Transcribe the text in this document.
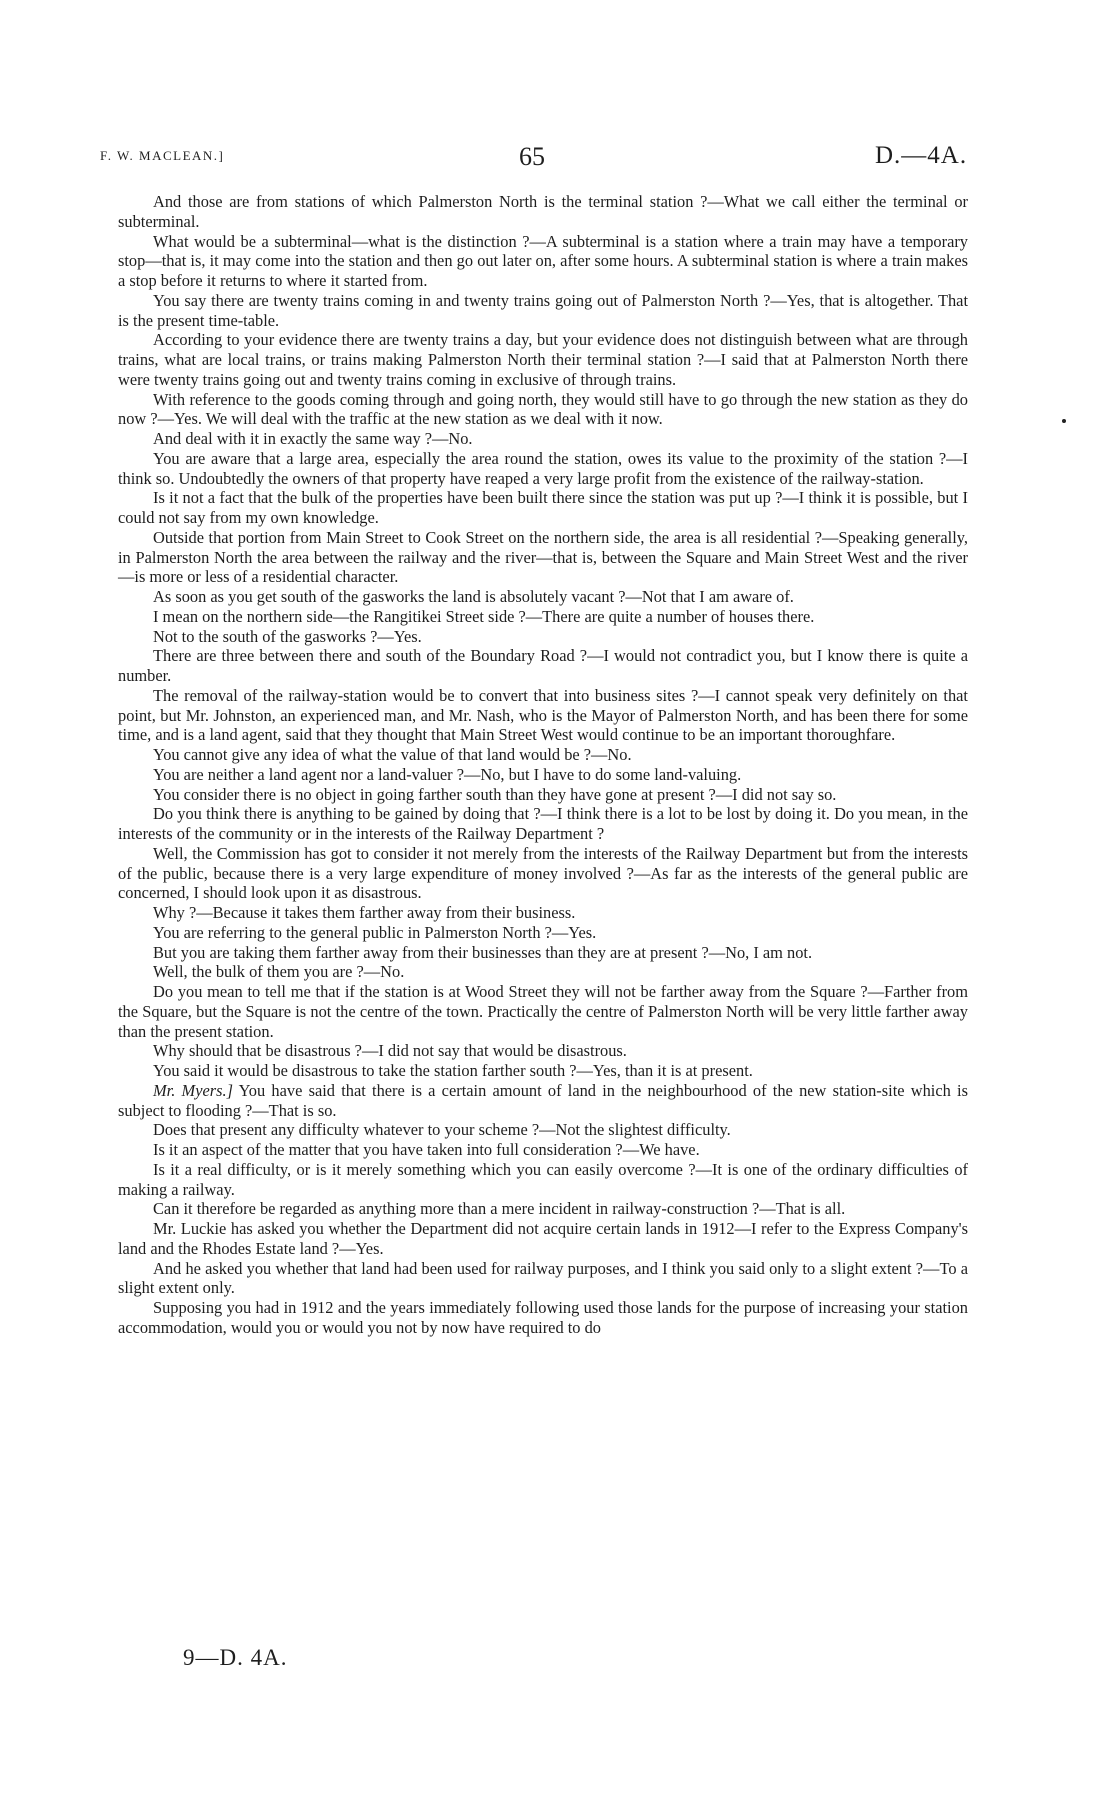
F. W. MACLEAN.]	65	D.—4A.

And those are from stations of which Palmerston North is the terminal station ?—What we call either the terminal or subterminal.

What would be a subterminal—what is the distinction ?—A subterminal is a station where a train may have a temporary stop—that is, it may come into the station and then go out later on, after some hours. A subterminal station is where a train makes a stop before it returns to where it started from.

You say there are twenty trains coming in and twenty trains going out of Palmerston North ?—Yes, that is altogether. That is the present time-table.

According to your evidence there are twenty trains a day, but your evidence does not distinguish between what are through trains, what are local trains, or trains making Palmerston North their terminal station ?—I said that at Palmerston North there were twenty trains going out and twenty trains coming in exclusive of through trains.

With reference to the goods coming through and going north, they would still have to go through the new station as they do now ?—Yes. We will deal with the traffic at the new station as we deal with it now.

And deal with it in exactly the same way ?—No.

You are aware that a large area, especially the area round the station, owes its value to the proximity of the station ?—I think so. Undoubtedly the owners of that property have reaped a very large profit from the existence of the railway-station.

Is it not a fact that the bulk of the properties have been built there since the station was put up ?—I think it is possible, but I could not say from my own knowledge.

Outside that portion from Main Street to Cook Street on the northern side, the area is all residential ?—Speaking generally, in Palmerston North the area between the railway and the river—that is, between the Square and Main Street West and the river—is more or less of a residential character.

As soon as you get south of the gasworks the land is absolutely vacant ?—Not that I am aware of.

I mean on the northern side—the Rangitikei Street side ?—There are quite a number of houses there.

Not to the south of the gasworks ?—Yes.

There are three between there and south of the Boundary Road ?—I would not contradict you, but I know there is quite a number.

The removal of the railway-station would be to convert that into business sites ?—I cannot speak very definitely on that point, but Mr. Johnston, an experienced man, and Mr. Nash, who is the Mayor of Palmerston North, and has been there for some time, and is a land agent, said that they thought that Main Street West would continue to be an important thoroughfare.

You cannot give any idea of what the value of that land would be ?—No.

You are neither a land agent nor a land-valuer ?—No, but I have to do some land-valuing.

You consider there is no object in going farther south than they have gone at present ?—I did not say so.

Do you think there is anything to be gained by doing that ?—I think there is a lot to be lost by doing it. Do you mean, in the interests of the community or in the interests of the Railway Department ?

Well, the Commission has got to consider it not merely from the interests of the Railway Department but from the interests of the public, because there is a very large expenditure of money involved ?—As far as the interests of the general public are concerned, I should look upon it as disastrous.

Why ?—Because it takes them farther away from their business.

You are referring to the general public in Palmerston North ?—Yes.

But you are taking them farther away from their businesses than they are at present ?—No, I am not.

Well, the bulk of them you are ?—No.

Do you mean to tell me that if the station is at Wood Street they will not be farther away from the Square ?—Farther from the Square, but the Square is not the centre of the town. Practically the centre of Palmerston North will be very little farther away than the present station.

Why should that be disastrous ?—I did not say that would be disastrous.

You said it would be disastrous to take the station farther south ?—Yes, than it is at present.

Mr. Myers.] You have said that there is a certain amount of land in the neighbourhood of the new station-site which is subject to flooding ?—That is so.

Does that present any difficulty whatever to your scheme ?—Not the slightest difficulty.

Is it an aspect of the matter that you have taken into full consideration ?—We have.

Is it a real difficulty, or is it merely something which you can easily overcome ?—It is one of the ordinary difficulties of making a railway.

Can it therefore be regarded as anything more than a mere incident in railway-construction ?—That is all.

Mr. Luckie has asked you whether the Department did not acquire certain lands in 1912—I refer to the Express Company's land and the Rhodes Estate land ?—Yes.

And he asked you whether that land had been used for railway purposes, and I think you said only to a slight extent ?—To a slight extent only.

Supposing you had in 1912 and the years immediately following used those lands for the purpose of increasing your station accommodation, would you or would you not by now have required to do

9—D. 4A.
